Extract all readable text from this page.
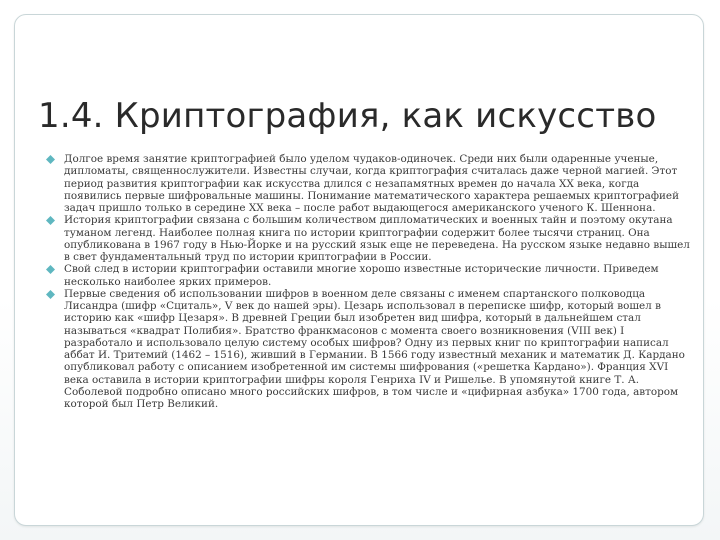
1.4. Криптография, как искусство
Долгое время занятие криптографией было уделом чудаков-одиночек. Среди них были одаренные ученые, дипломаты, священнослужители. Известны случаи, когда криптография считалась даже черной магией. Этот период развития криптографии как искусства длился с незапамятных времен до начала XX века, когда появились первые шифровальные машины. Понимание математического характера решаемых криптографией задач пришло только в середине XX века – после работ выдающегося американского ученого К. Шеннона.
История криптографии связана с большим количеством дипломатических и военных тайн и поэтому окутана туманом легенд. Наиболее полная книга по истории криптографии содержит более тысячи страниц. Она опубликована в 1967 году в Нью-Йорке и на русский язык еще не переведена. На русском языке недавно вышел в свет фундаментальный труд по истории криптографии в России.
Свой след в истории криптографии оставили многие хорошо известные исторические личности. Приведем несколько наиболее ярких примеров.
Первые сведения об использовании шифров в военном деле связаны с именем спартанского полководца Лисандра (шифр «Сциталь», V век до нашей эры). Цезарь использовал в переписке шифр, который вошел в историю как «шифр Цезаря». В древней Греции был изобретен вид шифра, который в дальнейшем стал называться «квадрат Полибия». Братство франкмасонов с момента своего возникновения (VIII век) I разработало и использовало целую систему особых шифров? Одну из первых книг по криптографии написал аббат И. Тритемий (1462 – 1516), живший в Германии. В 1566 году известный механик и математик Д. Кардано опубликовал работу с описанием изобретенной им системы шифрования («решетка Кардано»). Франция XVI века оставила в истории криптографии шифры короля Генриха IV и Ришелье. В упомянутой книге Т. А. Соболевой подробно описано много российских шифров, в том числе и «цифирная азбука» 1700 года, автором которой был Петр Великий.
